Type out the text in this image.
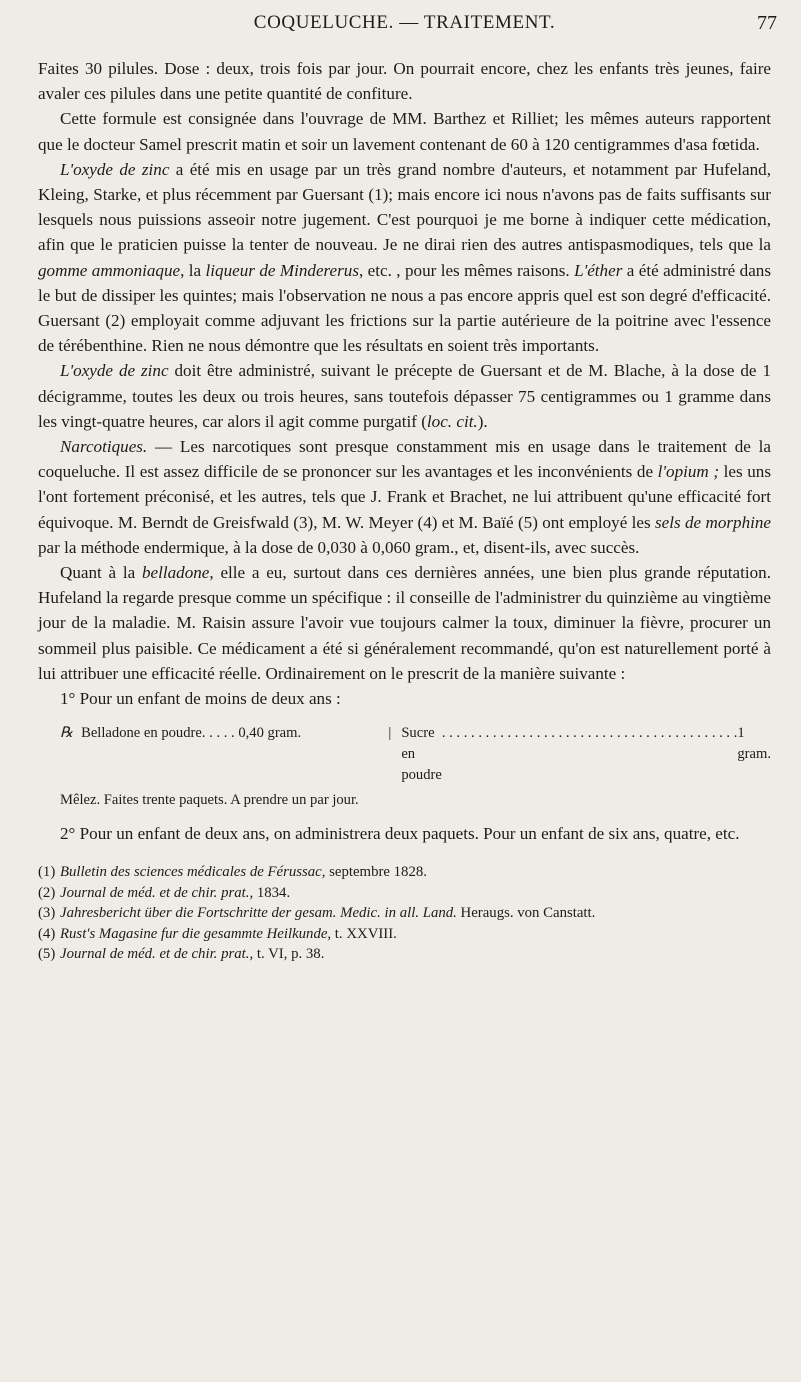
COQUELUCHE. — TRAITEMENT.	77

Faites 30 pilules. Dose : deux, trois fois par jour. On pourrait encore, chez les enfants très jeunes, faire avaler ces pilules dans une petite quantité de confiture.

Cette formule est consignée dans l'ouvrage de MM. Barthez et Rilliet; les mêmes auteurs rapportent que le docteur Samel prescrit matin et soir un lavement contenant de 60 à 120 centigrammes d'asa fœtida.

L'oxyde de zinc a été mis en usage par un très grand nombre d'auteurs, et notamment par Hufeland, Kleing, Starke, et plus récemment par Guersant (1); mais encore ici nous n'avons pas de faits suffisants sur lesquels nous puissions asseoir notre jugement. C'est pourquoi je me borne à indiquer cette médication, afin que le praticien puisse la tenter de nouveau. Je ne dirai rien des autres antispasmodiques, tels que la gomme ammoniaque, la liqueur de Mindererus, etc. , pour les mêmes raisons. L'éther a été administré dans le but de dissiper les quintes; mais l'observation ne nous a pas encore appris quel est son degré d'efficacité. Guersant (2) employait comme adjuvant les frictions sur la partie autérieure de la poitrine avec l'essence de térébenthine. Rien ne nous démontre que les résultats en soient très importants.

L'oxyde de zinc doit être administré, suivant le précepte de Guersant et de M. Blache, à la dose de 1 décigramme, toutes les deux ou trois heures, sans toutefois dépasser 75 centigrammes ou 1 gramme dans les vingt-quatre heures, car alors il agit comme purgatif (loc. cit.).

Narcotiques. — Les narcotiques sont presque constamment mis en usage dans le traitement de la coqueluche. Il est assez difficile de se prononcer sur les avantages et les inconvénients de l'opium ; les uns l'ont fortement préconisé, et les autres, tels que J. Frank et Brachet, ne lui attribuent qu'une efficacité fort équivoque. M. Berndt de Greisfwald (3), M. W. Meyer (4) et M. Baïé (5) ont employé les sels de morphine par la méthode endermique, à la dose de 0,030 à 0,060 gram., et, disent-ils, avec succès.

Quant à la belladone, elle a eu, surtout dans ces dernières années, une bien plus grande réputation. Hufeland la regarde presque comme un spécifique : il conseille de l'administrer du quinzième au vingtième jour de la maladie. M. Raisin assure l'avoir vue toujours calmer la toux, diminuer la fièvre, procurer un sommeil plus paisible. Ce médicament a été si généralement recommandé, qu'on est naturellement porté à lui attribuer une efficacité réelle. Ordinairement on le prescrit de la manière suivante :

1° Pour un enfant de moins de deux ans :

℞ Belladone en poudre. . . . . 0,40 gram.	| Sucre en poudre
. . . . . . . . . . . . . . . . . . . . . . . . . . . . . . . . . . . . . . . . . 1 gram.

Mêlez. Faites trente paquets. A prendre un par jour.

2° Pour un enfant de deux ans, on administrera deux paquets. Pour un enfant de six ans, quatre, etc.

(1) Bulletin des sciences médicales de Férussac, septembre 1828.
(2) Journal de méd. et de chir. prat., 1834.
(3) Jahresbericht über die Fortschritte der gesam. Medic. in all. Land. Heraugs. von Canstatt.
(4) Rust's Magasine fur die gesammte Heilkunde, t. XXVIII.
(5) Journal de méd. et de chir. prat., t. VI, p. 38.
